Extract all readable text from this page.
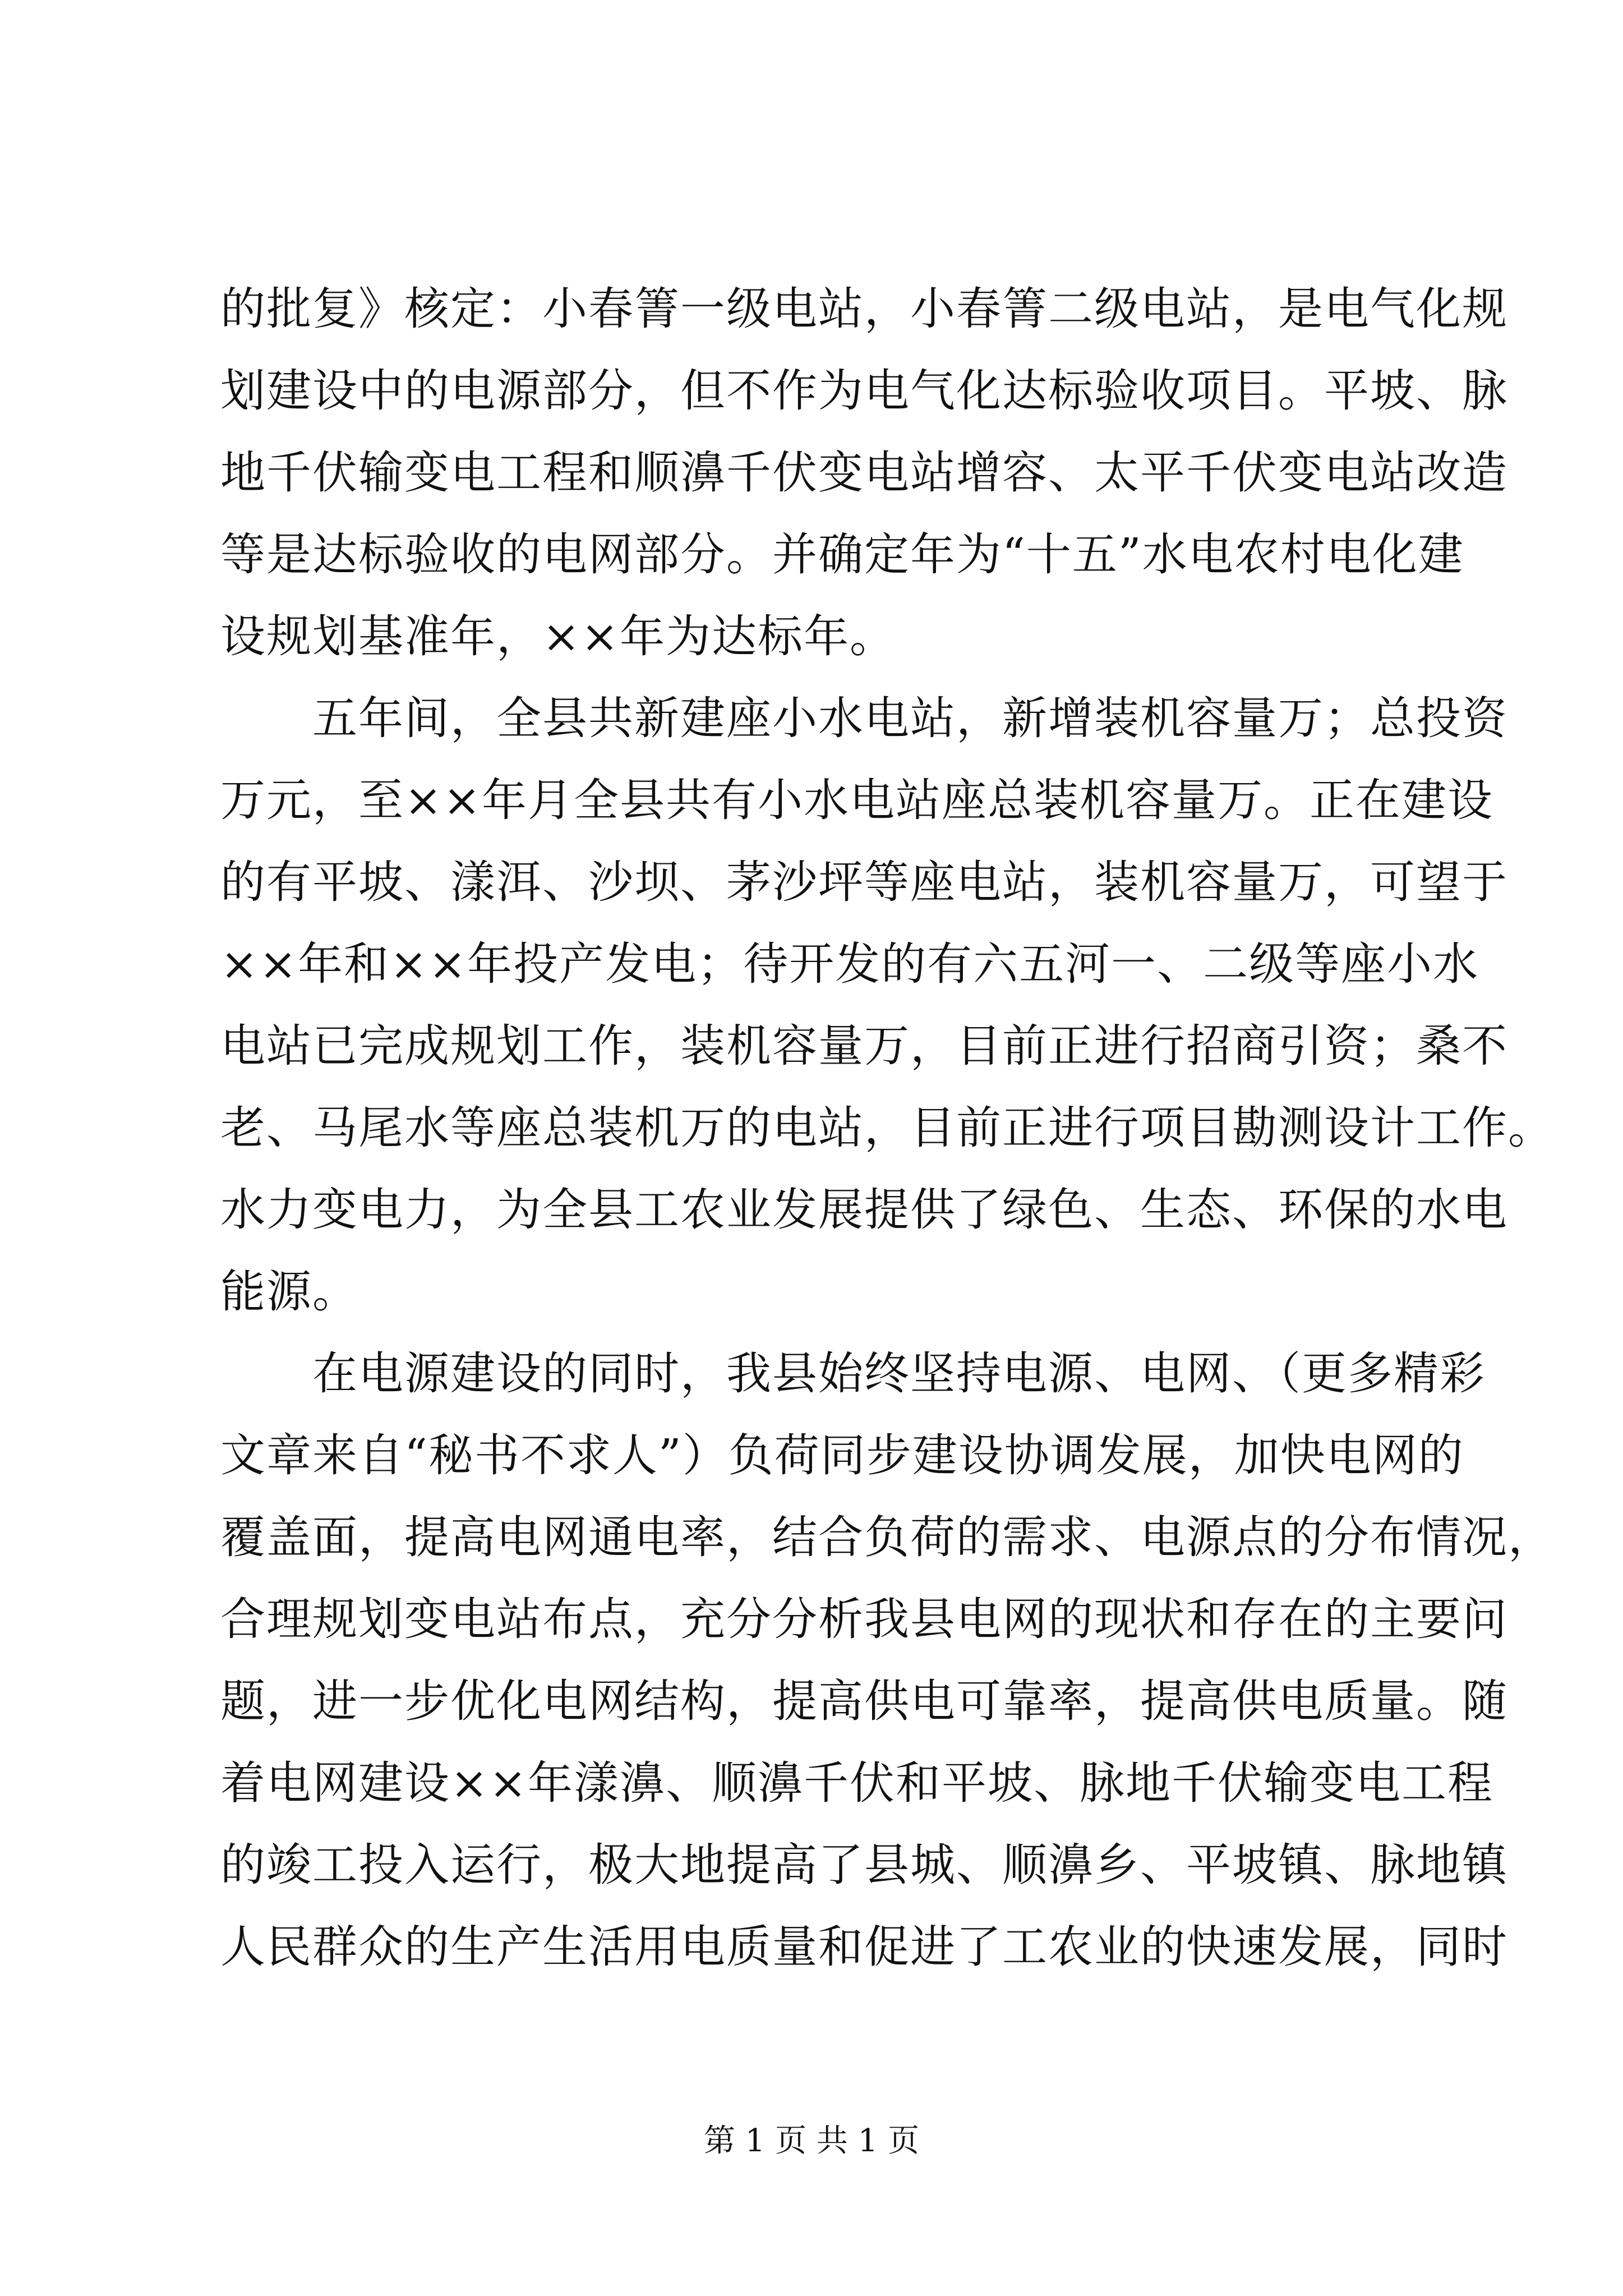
的批复》核定：小春箐一级电站，小春箐二级电站，是电气化规
划建设中的电源部分，但不作为电气化达标验收项目。平坡、脉
地千伏输变电工程和顺濞千伏变电站增容、太平千伏变电站改造
等是达标验收的电网部分。并确定年为“十五”水电农村电化建
设规划基准年，××年为达标年。
五年间，全县共新建座小水电站，新增装机容量万；总投资
万元，至××年月全县共有小水电站座总装机容量万。正在建设
的有平坡、漾洱、沙坝、茅沙坪等座电站，装机容量万，可望于
××年和××年投产发电；待开发的有六五河一、二级等座小水
电站已完成规划工作，装机容量万，目前正进行招商引资；桑不
老、马尾水等座总装机万的电站，目前正进行项目勘测设计工作。
水力变电力，为全县工农业发展提供了绿色、生态、环保的水电
能源。
在电源建设的同时，我县始终坚持电源、电网、（更多精彩
文章来自“秘书不求人”）负荷同步建设协调发展，加快电网的
覆盖面，提高电网通电率，结合负荷的需求、电源点的分布情况，
合理规划变电站布点，充分分析我县电网的现状和存在的主要问
题，进一步优化电网结构，提高供电可靠率，提高供电质量。随
着电网建设××年漾濞、顺濞千伏和平坡、脉地千伏输变电工程
的竣工投入运行，极大地提高了县城、顺濞乡、平坡镇、脉地镇
人民群众的生产生活用电质量和促进了工农业的快速发展，同时
第 1 页 共 1 页
